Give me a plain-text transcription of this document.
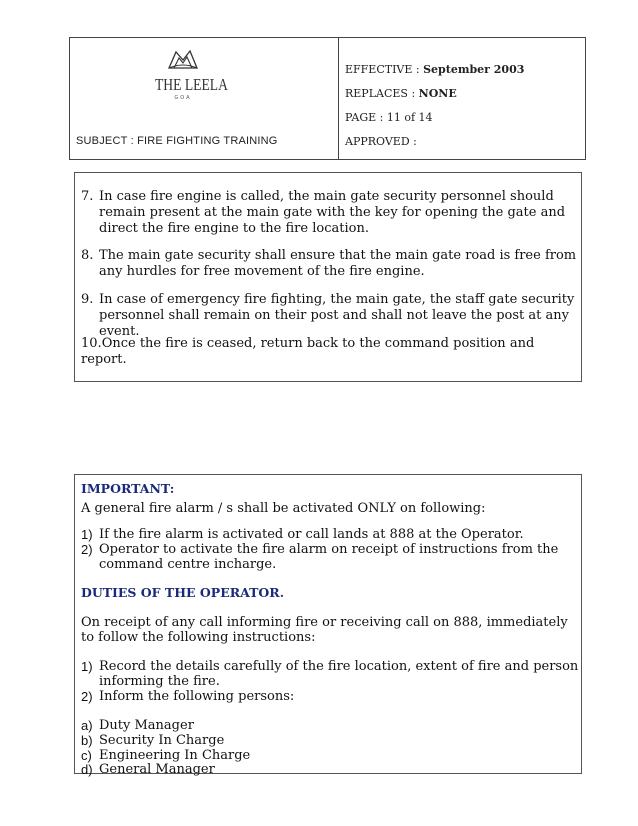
THE LEELA
GOA
SUBJECT : FIRE FIGHTING TRAINING
EFFECTIVE : September 2003
REPLACES : NONE
PAGE : 11 of 14
APPROVED :
7. In case fire engine is called, the main gate security personnel should remain present at the main gate with the key for opening the gate and direct the fire engine to the fire location.
8. The main gate security shall ensure that the main gate road is free from any hurdles for free movement of the fire engine.
9. In case of emergency fire fighting, the main gate, the staff gate security personnel shall remain on their post and shall not leave the post at any event.
10.Once the fire is ceased, return back to the command position and report.
IMPORTANT:
A general fire alarm / s shall be activated ONLY on following:
1) If the fire alarm is activated or call lands at 888 at the Operator.
2) Operator to activate the fire alarm on receipt of instructions from the command centre incharge.
DUTIES OF THE OPERATOR.
On receipt of any call informing fire or receiving call on 888, immediately to follow the following instructions:
1) Record the details carefully of the fire location, extent of fire and person informing the fire.
2) Inform the following persons:
a) Duty Manager
b) Security In Charge
c) Engineering In Charge
d) General Manager
